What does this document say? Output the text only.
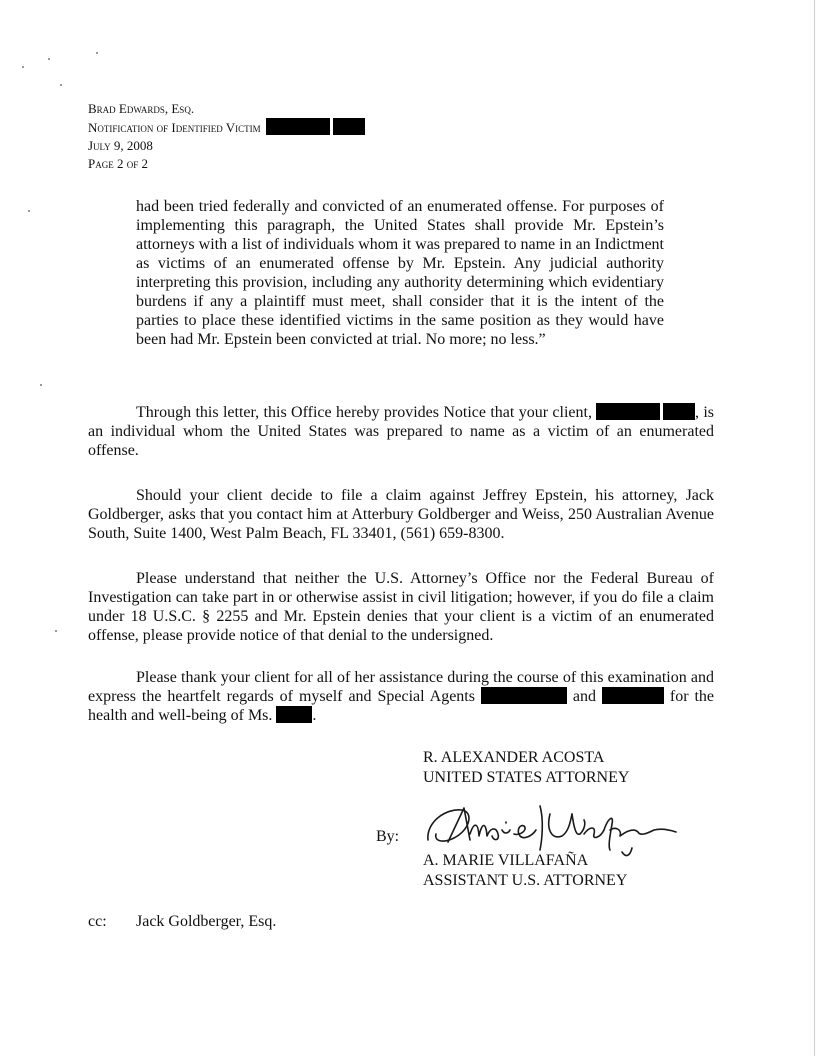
Brad Edwards, Esq.
Notification of Identified Victim
July 9, 2008
Page 2 of 2
had been tried federally and convicted of an enumerated offense. For purposes of implementing this paragraph, the United States shall provide Mr. Epstein’s attorneys with a list of individuals whom it was prepared to name in an Indictment as victims of an enumerated offense by Mr. Epstein. Any judicial authority interpreting this provision, including any authority determining which evidentiary burdens if any a plaintiff must meet, shall consider that it is the intent of the parties to place these identified victims in the same position as they would have been had Mr. Epstein been convicted at trial. No more; no less.”
Through this letter, this Office hereby provides Notice that your client,	, is an individual whom the United States was prepared to name as a victim of an enumerated offense.
Should your client decide to file a claim against Jeffrey Epstein, his attorney, Jack Goldberger, asks that you contact him at Atterbury Goldberger and Weiss, 250 Australian Avenue South, Suite 1400, West Palm Beach, FL 33401, (561) 659-8300.
Please understand that neither the U.S. Attorney’s Office nor the Federal Bureau of Investigation can take part in or otherwise assist in civil litigation; however, if you do file a claim under 18 U.S.C. § 2255 and Mr. Epstein denies that your client is a victim of an enumerated offense, please provide notice of that denial to the undersigned.
Please thank your client for all of her assistance during the course of this examination and express the heartfelt regards of myself and Special Agents	and	for the health and well-being of Ms.	.
R. ALEXANDER ACOSTA
UNITED STATES ATTORNEY
By:
A. MARIE VILLAFAÑA
ASSISTANT U.S. ATTORNEY
cc: Jack Goldberger, Esq.
